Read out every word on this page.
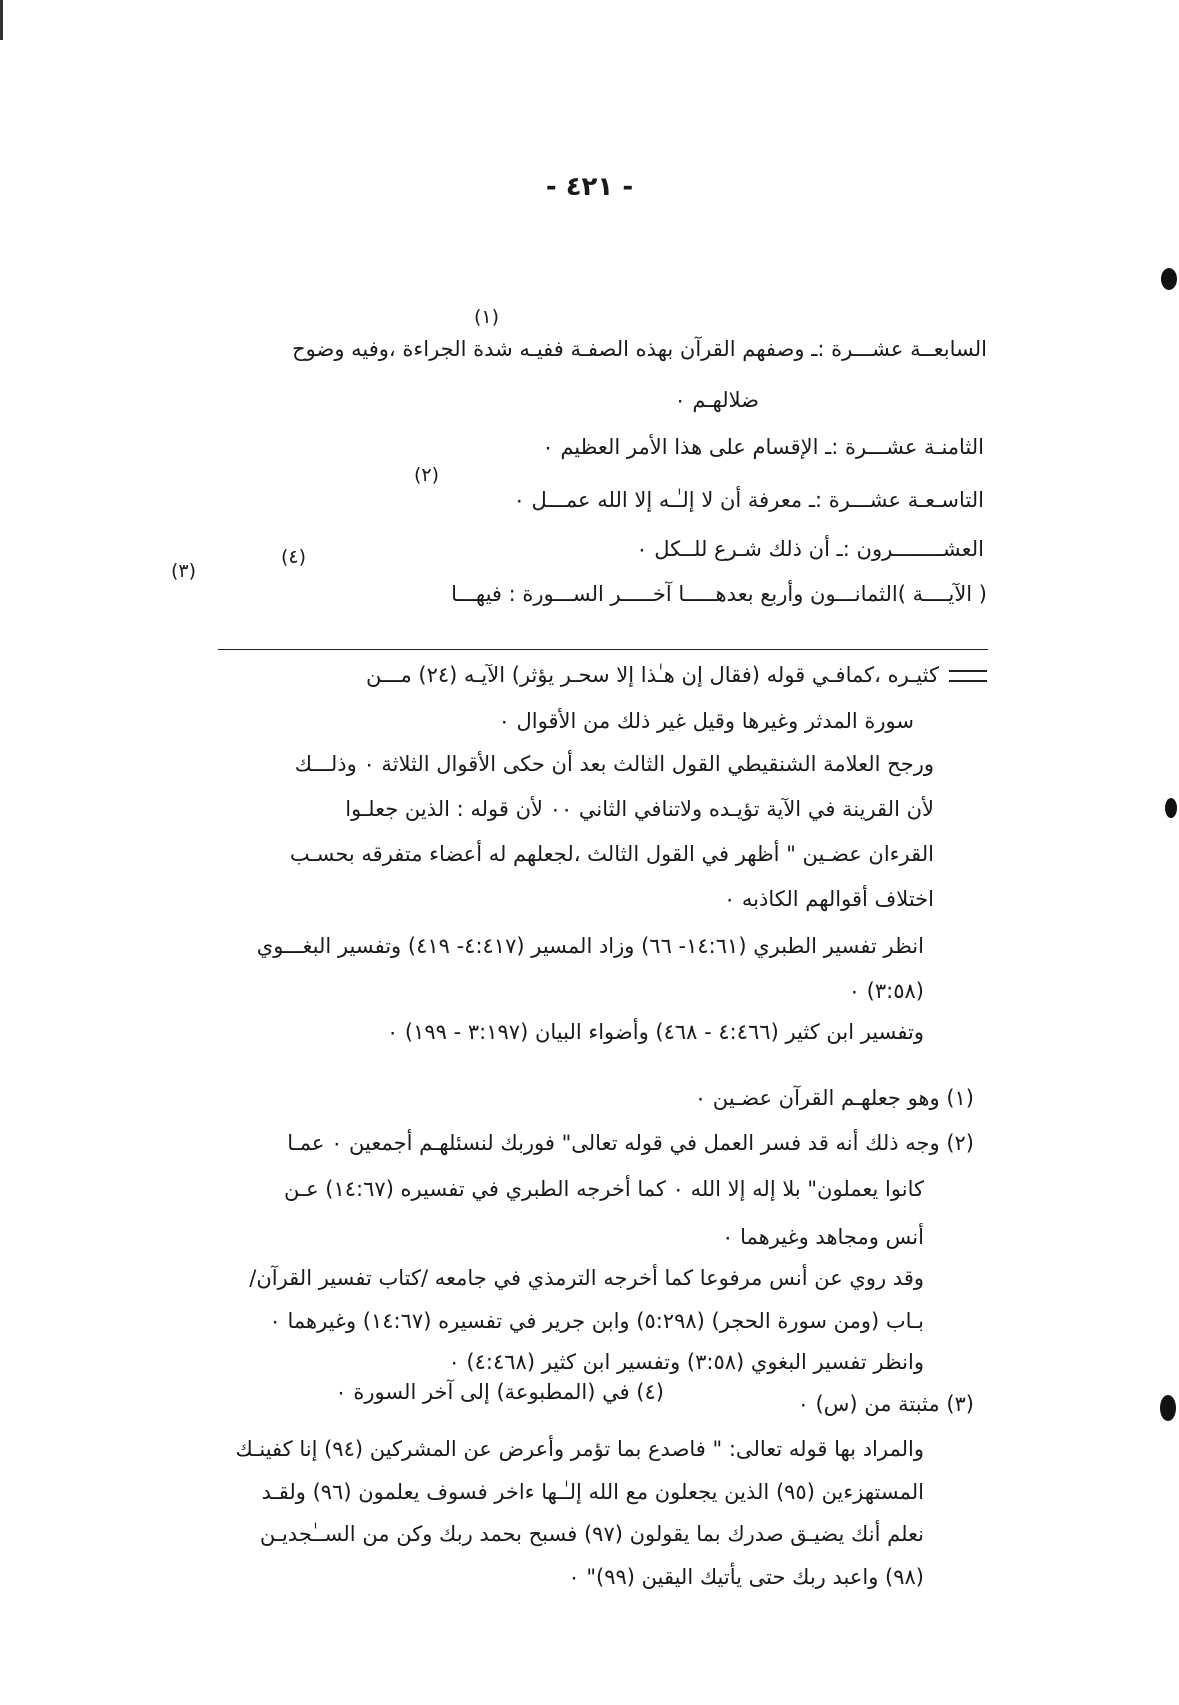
- ٤٢١ -
(١)
السابعــة عشـــرة :ـ وصفهم القرآن بهذه الصفـة ففيـه شدة الجراءة ،وفيه وضوح
ضلالهـم ٠
الثامنـة عشـــرة :ـ الإقسام على هذا الأمر العظيم ٠
(٢)
التاسـعـة عشـــرة :ـ معرفة أن لا إلـٰـه إلا الله عمـــل ٠
العشــــــــرون :ـ أن ذلك شـرع للــكل ٠
(٤)
(٣)
( الآيــــة )الثمانـــون وأربع بعدهـــــا آخـــــر الســـورة : فيهـــا
كثيـره ،كمافـي قوله (فقال إن هـٰذا إلا سحـر يؤثر) الآيـه (٢٤) مـــن
سورة المدثر وغيرها وقيل غير ذلك من الأقوال ٠
ورجح العلامة الشنقيطي القول الثالث بعد أن حكى الأقوال الثلاثة ٠ وذلـــك
لأن القرينة في الآية تؤيـده ولاتنافي الثاني ٠٠ لأن قوله : الذين جعلـوا
القرءان عضـين " أظهر في القول الثالث ،لجعلهم له أعضاء متفرقه بحسـب
اختلاف أقوالهم الكاذبه ٠
انظر تفسير الطبري (١٤:٦١- ٦٦) وزاد المسير (٤:٤١٧- ٤١٩) وتفسير البغـــوي
(٣:٥٨) ٠
وتفسير ابن كثير (٤:٤٦٦ - ٤٦٨) وأضواء البيان (٣:١٩٧ - ١٩٩) ٠
(١) وهو جعلهـم القرآن عضـين ٠
(٢) وجه ذلك أنه قد فسر العمل في قوله تعالى" فوربك لنسئلهـم أجمعين ٠ عمـا
كانوا يعملون" بلا إله إلا الله ٠ كما أخرجه الطبري في تفسيره (١٤:٦٧) عـن
أنس ومجاهد وغيرهما ٠
وقد روي عن أنس مرفوعا كما أخرجه الترمذي في جامعه /كتاب تفسير القرآن/
بـاب (ومن سورة الحجر) (٥:٢٩٨) وابن جرير في تفسيره (١٤:٦٧) وغيرهما ٠
وانظر تفسير البغوي (٣:٥٨) وتفسير ابن كثير (٤:٤٦٨) ٠
(٣) مثبتة من (س) ٠
(٤) في (المطبوعة) إلى آخر السورة ٠
والمراد بها قوله تعالى: " فاصدع بما تؤمر وأعرض عن المشركين (٩٤) إنا كفينـك
المستهزءين (٩٥) الذين يجعلون مع الله إلـٰـها ءاخر فسوف يعلمون (٩٦) ولقـد
نعلم أنك يضيـق صدرك بما يقولون (٩٧) فسبح بحمد ربك وكن من الســٰجديـن
(٩٨) واعبد ربك حتى يأتيك اليقين (٩٩)" ٠
